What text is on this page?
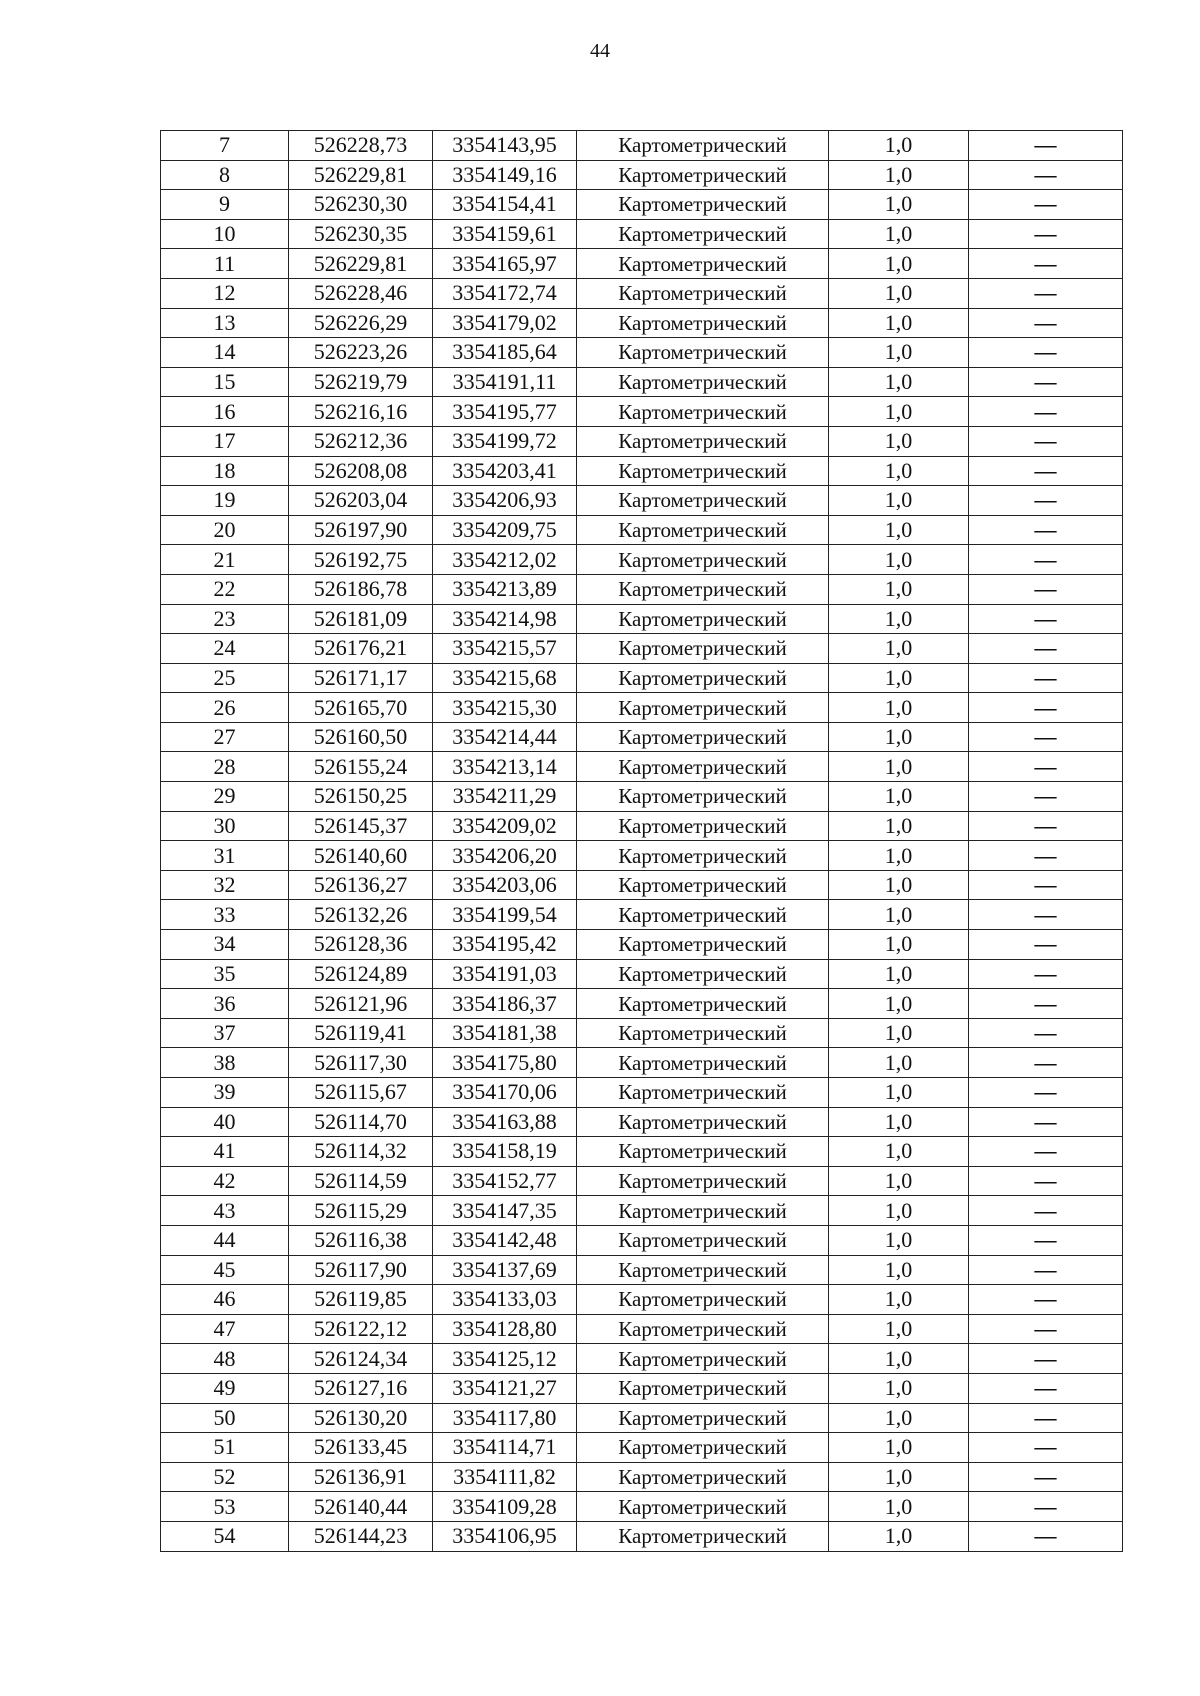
44
7	526228,73	3354143,95	Картометрический	1,0	—
8	526229,81	3354149,16	Картометрический	1,0	—
9	526230,30	3354154,41	Картометрический	1,0	—
10	526230,35	3354159,61	Картометрический	1,0	—
11	526229,81	3354165,97	Картометрический	1,0	—
12	526228,46	3354172,74	Картометрический	1,0	—
13	526226,29	3354179,02	Картометрический	1,0	—
14	526223,26	3354185,64	Картометрический	1,0	—
15	526219,79	3354191,11	Картометрический	1,0	—
16	526216,16	3354195,77	Картометрический	1,0	—
17	526212,36	3354199,72	Картометрический	1,0	—
18	526208,08	3354203,41	Картометрический	1,0	—
19	526203,04	3354206,93	Картометрический	1,0	—
20	526197,90	3354209,75	Картометрический	1,0	—
21	526192,75	3354212,02	Картометрический	1,0	—
22	526186,78	3354213,89	Картометрический	1,0	—
23	526181,09	3354214,98	Картометрический	1,0	—
24	526176,21	3354215,57	Картометрический	1,0	—
25	526171,17	3354215,68	Картометрический	1,0	—
26	526165,70	3354215,30	Картометрический	1,0	—
27	526160,50	3354214,44	Картометрический	1,0	—
28	526155,24	3354213,14	Картометрический	1,0	—
29	526150,25	3354211,29	Картометрический	1,0	—
30	526145,37	3354209,02	Картометрический	1,0	—
31	526140,60	3354206,20	Картометрический	1,0	—
32	526136,27	3354203,06	Картометрический	1,0	—
33	526132,26	3354199,54	Картометрический	1,0	—
34	526128,36	3354195,42	Картометрический	1,0	—
35	526124,89	3354191,03	Картометрический	1,0	—
36	526121,96	3354186,37	Картометрический	1,0	—
37	526119,41	3354181,38	Картометрический	1,0	—
38	526117,30	3354175,80	Картометрический	1,0	—
39	526115,67	3354170,06	Картометрический	1,0	—
40	526114,70	3354163,88	Картометрический	1,0	—
41	526114,32	3354158,19	Картометрический	1,0	—
42	526114,59	3354152,77	Картометрический	1,0	—
43	526115,29	3354147,35	Картометрический	1,0	—
44	526116,38	3354142,48	Картометрический	1,0	—
45	526117,90	3354137,69	Картометрический	1,0	—
46	526119,85	3354133,03	Картометрический	1,0	—
47	526122,12	3354128,80	Картометрический	1,0	—
48	526124,34	3354125,12	Картометрический	1,0	—
49	526127,16	3354121,27	Картометрический	1,0	—
50	526130,20	3354117,80	Картометрический	1,0	—
51	526133,45	3354114,71	Картометрический	1,0	—
52	526136,91	3354111,82	Картометрический	1,0	—
53	526140,44	3354109,28	Картометрический	1,0	—
54	526144,23	3354106,95	Картометрический	1,0	—
